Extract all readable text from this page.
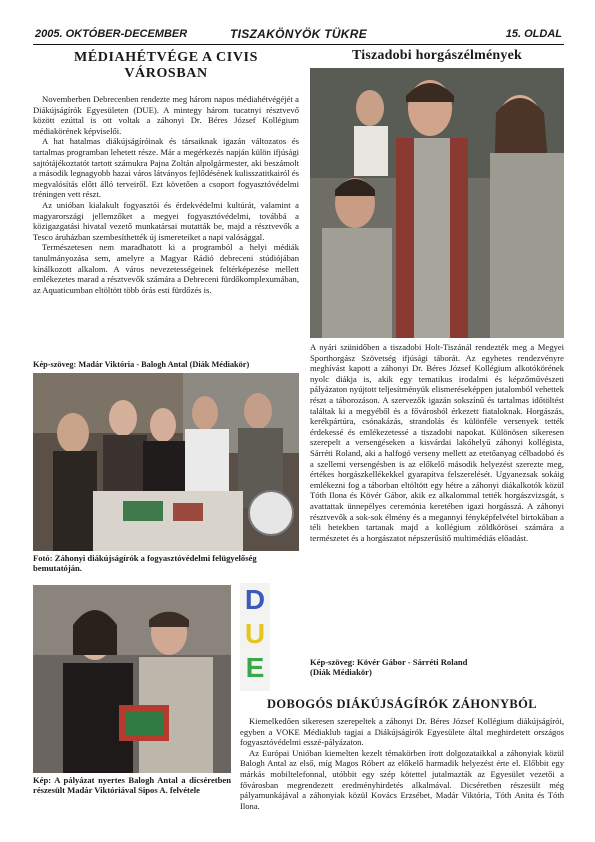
2005. OKTÓBER-DECEMBER	TISZAKÖNYÖK TÜKRE	15. OLDAL
MÉDIAHÉTVÉGE A CIVIS
VÁROSBAN

Novemberben Debrecenben rendezte meg három napos médiahétvégéjét a Diákújságírók Egyesületen (DUE). A mintegy három tucatnyi résztvevő között ezúttal is ott voltak a záhonyi Dr. Béres József Kollégium médiakörének képviselői.

A hat hatalmas diákújságíróinak és társaiknak igazán változatos és tartalmas programban lehetett része. Már a megérkezés napján külön ifjúsági sajtótájékoztatót tartott számukra Pajna Zoltán alpolgármester, aki beszámolt a második legnagyobb hazai város látványos fejlődésének kulisszatitkairól és megvalósítás előtt álló terveiről. Ezt követően a csoport fogyasztóvédelmi tréningen vett részt.

Az unióban kialakult fogyasztói és érdekvédelmi kultúrát, valamint a magyarországi jellemzőket a megyei fogyasztóvédelmi, továbbá a közigazgatási hivatal vezető munkatársai mutatták be, majd a résztvevők a Tesco áruházban szembesíthették új ismereteiket a napi valósággal.

Természetesen nem maradhatott ki a programból a helyi médiák tanulmányozása sem, amelyre a Magyar Rádió debreceni stúdiójában kínálkozott alkalom. A város nevezetességeinek feltérképezése mellett emlékezetes marad a résztvevők számára a Debreceni fürdőkomplexumában, az Aquaticumban eltöltött több órás esti fürdőzés is.

Kép-szöveg: Madár Viktória - Balogh Antal (Diák Médiakör)
Fotó: Záhonyi diákújságírók a fogyasztóvédelmi felügyelőség bemutatóján.
Kép: A pályázat nyertes Balogh Antal a dicséretben részesült Madár Viktóriával Sipos A. felvétele
Tiszadobi horgászélmények

A nyári szünidőben a tiszadobi Holt-Tiszánál rendezték meg a Megyei Sporthorgász Szövetség ifjúsági táborát. Az egyhetes rendezvényre meghívást kapott a záhonyi Dr. Béres József Kollégium alkotókörének nyolc diákja is, akik egy tematikus irodalmi és képzőművészeti pályázaton nyújtott teljesítményük elismeréseképpen jutalomból vehettek részt a táborozáson. A szervezők igazán sokszínű és tartalmas időtöltést találtak ki a megyéből és a fővárosból érkezett fiataloknak. Horgászás, kerékpártúra, csónakázás, strandolás és különféle versenyek tették érdekessé és emlékezetessé a tiszadobi napokat. Különösen sikeresen szerepelt a versengéseken a kisvárdai lakóhelyű záhonyi kollégista, Sárréti Roland, aki a halfogó verseny mellett az etetőanyag célbadobó és a szellemi versengésben is az előkelő második helyezést szerezte meg, értékes horgászkellékekkel gyarapítva felszerelését. Ugyanezsak sokáig emlékezni fog a táborban eltöltött egy hétre a záhonyi diákalkotók közül Tóth Ilona és Kövér Gábor, akik ez alkalommal tették horgászvizsgát, s avattattak ünnepélyes ceremónia keretében igazi horgásszá. A záhonyi résztvevők a sok-sok élmény és a megannyi fényképfelvétel birtokában a téli hetekben tartanak majd a kollégium zöldkörösei számára a természetet és a horgászatot népszerűsítő multimédiás előadást.

Kép-szöveg: Kövér Gábor - Sárréti Roland
(Diák Médiakör)
D
U
E
DOBOGÓS DIÁKÚJSÁGÍRÓK ZÁHONYBÓL

Kiemelkedően sikeresen szerepeltek a záhonyi Dr. Béres József Kollégium diákújságírói, egyben a VOKE Médiaklub tagjai a Diákújságírók Egyesülete által meghirdetett országos fogyasztóvédelmi esszé-pályázaton.

Az Európai Unióban kiemelten kezelt témakörben írott dolgozataikkal a záhonyiak közül Balogh Antal az első, míg Magos Róbert az előkelő harmadik helyezést érte el. Előbbit egy márkás mobiltelefonnal, utóbbit egy szép kötettel jutalmazták az Egyesület vezetői a fővárosban megrendezett eredményhirdetés alkalmával. Dicséretben részesült még pályamunkájával a záhonyiak közül Kovács Erzsébet, Madár Viktória, Tóth Anita és Tóth Ilona.
